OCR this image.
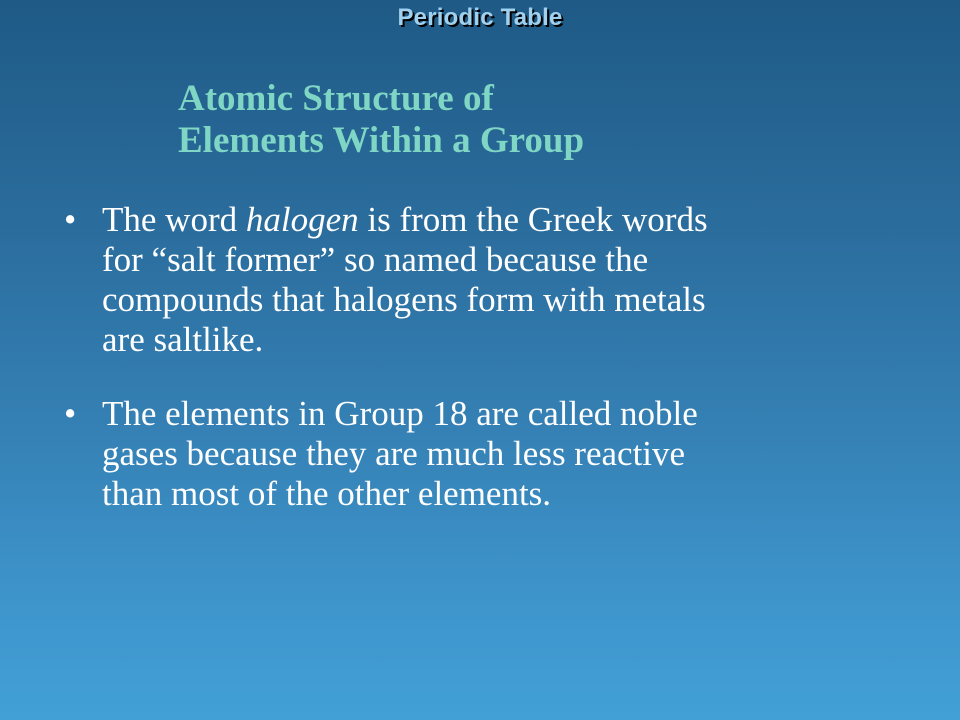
Periodic Table
Atomic Structure of
Elements Within a Group
• The word halogen is from the Greek words
for “salt former” so named because the
compounds that halogens form with metals
are saltlike.
• The elements in Group 18 are called noble
gases because they are much less reactive
than most of the other elements.
